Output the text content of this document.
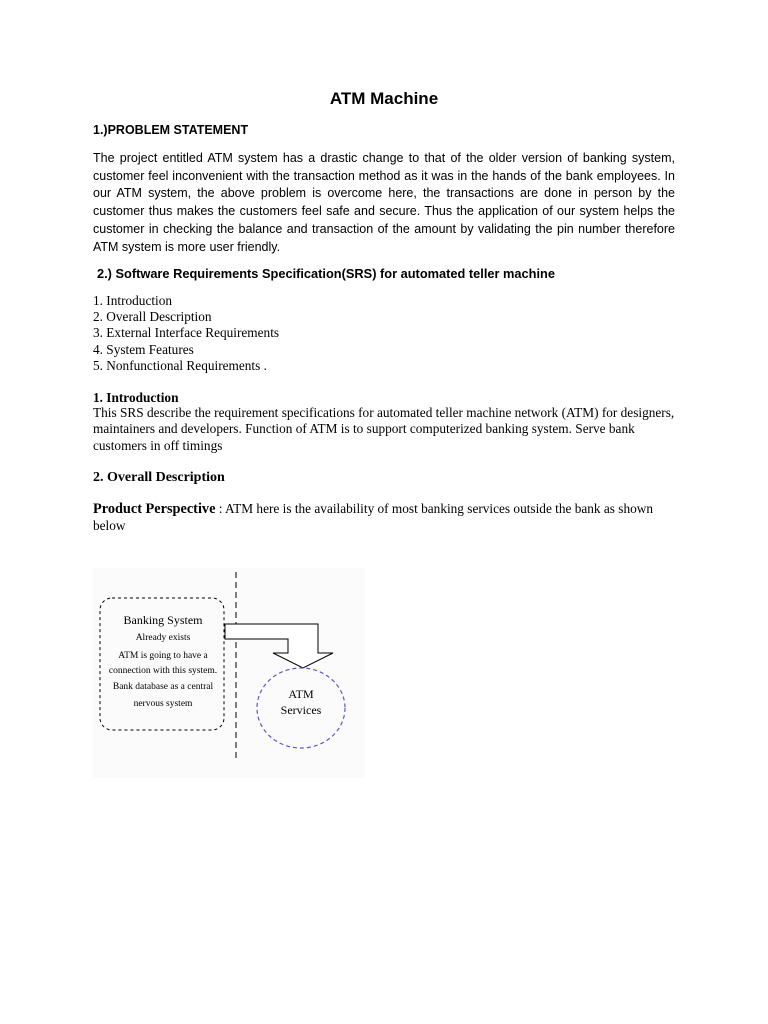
ATM Machine
1.)PROBLEM STATEMENT
The project entitled ATM system has a drastic change to that of the older version of banking system, customer feel inconvenient with the transaction method as it was in the hands of the bank employees. In our ATM system, the above problem is overcome here, the transactions are done in person by the customer thus makes the customers feel safe and secure. Thus the application of our system helps the customer in checking the balance and transaction of the amount by validating the pin number therefore ATM system is more user friendly.
2.) Software Requirements Specification(SRS) for automated teller machine
1. Introduction
2. Overall Description
3. External Interface Requirements
4. System Features
5. Nonfunctional Requirements .
1. Introduction
This SRS describe the requirement specifications for automated teller machine network (ATM) for designers, maintainers and developers. Function of ATM is to support computerized banking system. Serve bank customers in off timings
2. Overall Description
Product Perspective : ATM here is the availability of most banking services outside the bank as shown below
Banking System
Already exists
ATM is going to have a
connection with this system.
Bank database as a central
nervous system
ATM
Services
